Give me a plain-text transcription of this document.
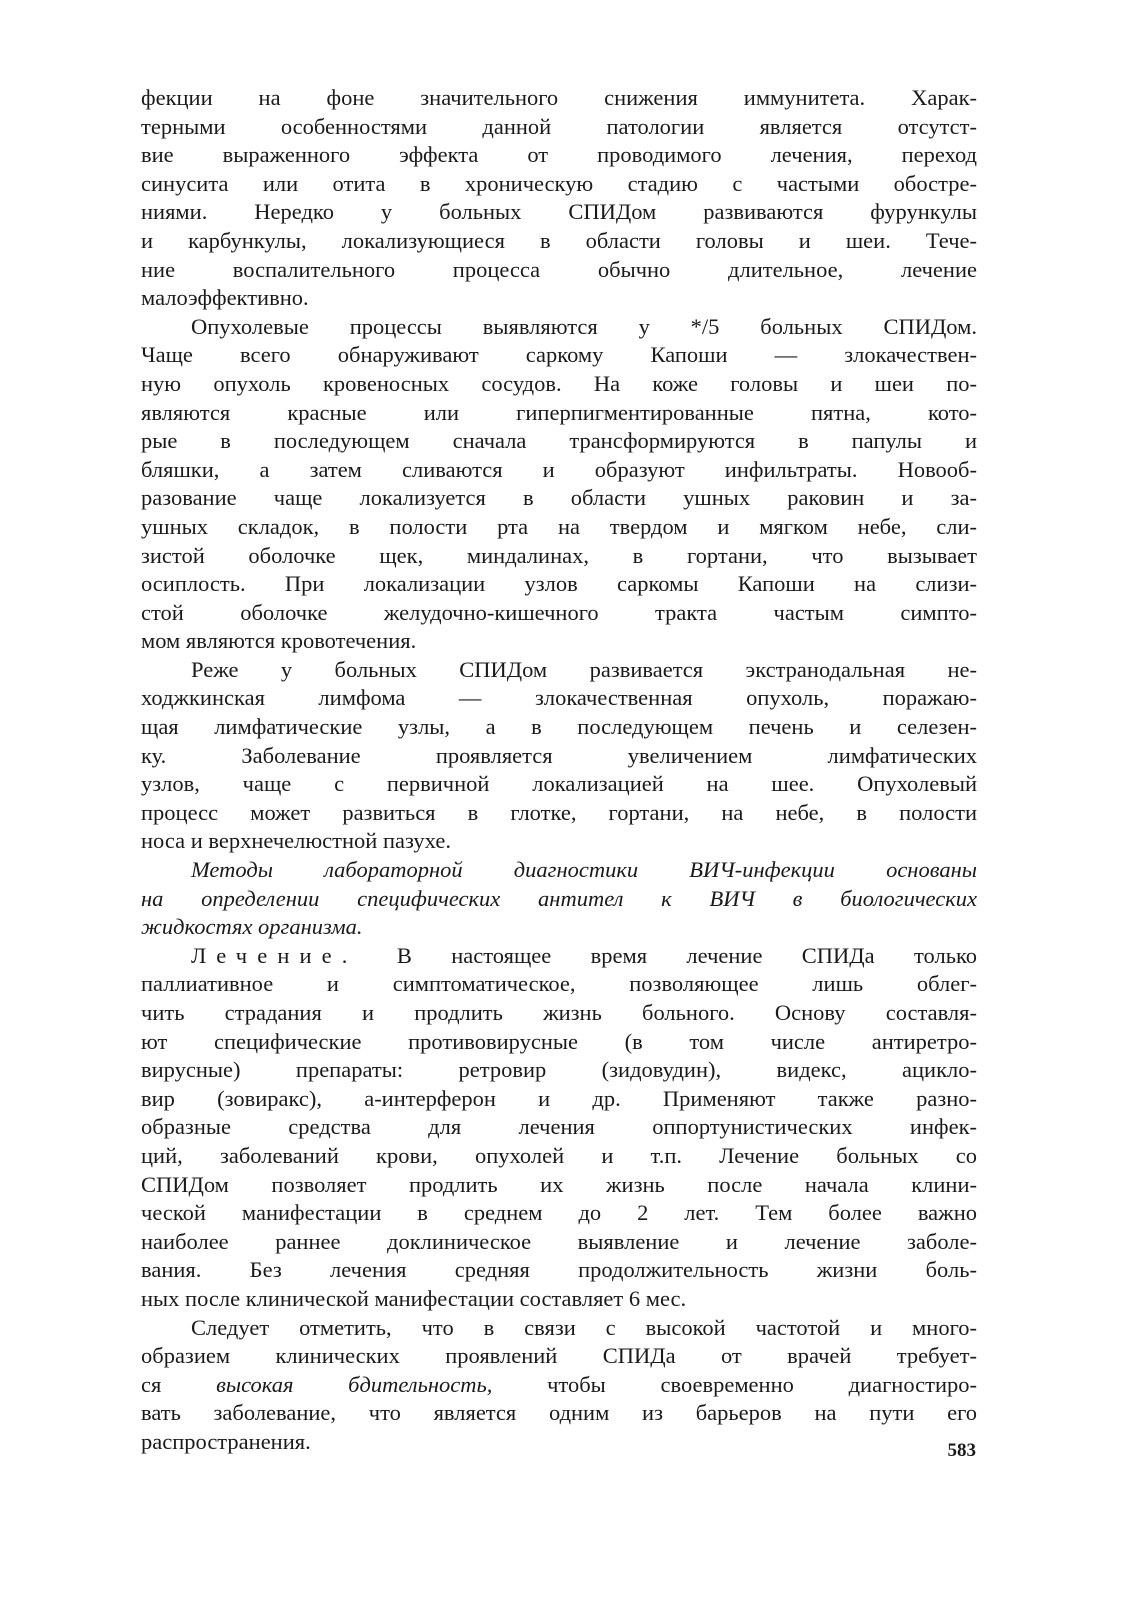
фекции на фоне значительного снижения иммунитета. Харак-
терными особенностями данной патологии является отсутст-
вие выраженного эффекта от проводимого лечения, переход
синусита или отита в хроническую стадию с частыми обостре-
ниями. Нередко у больных СПИДом развиваются фурункулы
и карбункулы, локализующиеся в области головы и шеи. Тече-
ние воспалительного процесса обычно длительное, лечение
малоэффективно.
Опухолевые процессы выявляются у */5 больных СПИДом.
Чаще всего обнаруживают саркому Капоши — злокачествен-
ную опухоль кровеносных сосудов. На коже головы и шеи по-
являются красные или гиперпигментированные пятна, кото-
рые в последующем сначала трансформируются в папулы и
бляшки, а затем сливаются и образуют инфильтраты. Новооб-
разование чаще локализуется в области ушных раковин и за-
ушных складок, в полости рта на твердом и мягком небе, сли-
зистой оболочке щек, миндалинах, в гортани, что вызывает
осиплость. При локализации узлов саркомы Капоши на слизи-
стой оболочке желудочно-кишечного тракта частым симпто-
мом являются кровотечения.
Реже у больных СПИДом развивается экстранодальная не-
ходжкинская лимфома — злокачественная опухоль, поражаю-
щая лимфатические узлы, а в последующем печень и селезен-
ку. Заболевание проявляется увеличением лимфатических
узлов, чаще с первичной локализацией на шее. Опухолевый
процесс может развиться в глотке, гортани, на небе, в полости
носа и верхнечелюстной пазухе.
Методы лабораторной диагностики ВИЧ-инфекции основаны
на определении специфических антител к ВИЧ в биологических
жидкостях организма.
Лечение. В настоящее время лечение СПИДа только
паллиативное и симптоматическое, позволяющее лишь облег-
чить страдания и продлить жизнь больного. Основу составля-
ют специфические противовирусные (в том числе антиретро-
вирусные) препараты: ретровир (зидовудин), видекс, ацикло-
вир (зовиракс), a-интерферон и др. Применяют также разно-
образные средства для лечения оппортунистических инфек-
ций, заболеваний крови, опухолей и т.п. Лечение больных со
СПИДом позволяет продлить их жизнь после начала клини-
ческой манифестации в среднем до 2 лет. Тем более важно
наиболее раннее доклиническое выявление и лечение заболе-
вания. Без лечения средняя продолжительность жизни боль-
ных после клинической манифестации составляет 6 мес.
Следует отметить, что в связи с высокой частотой и много-
образием клинических проявлений СПИДа от врачей требует-
ся высокая бдительность, чтобы своевременно диагностиро-
вать заболевание, что является одним из барьеров на пути его
распространения.	583
